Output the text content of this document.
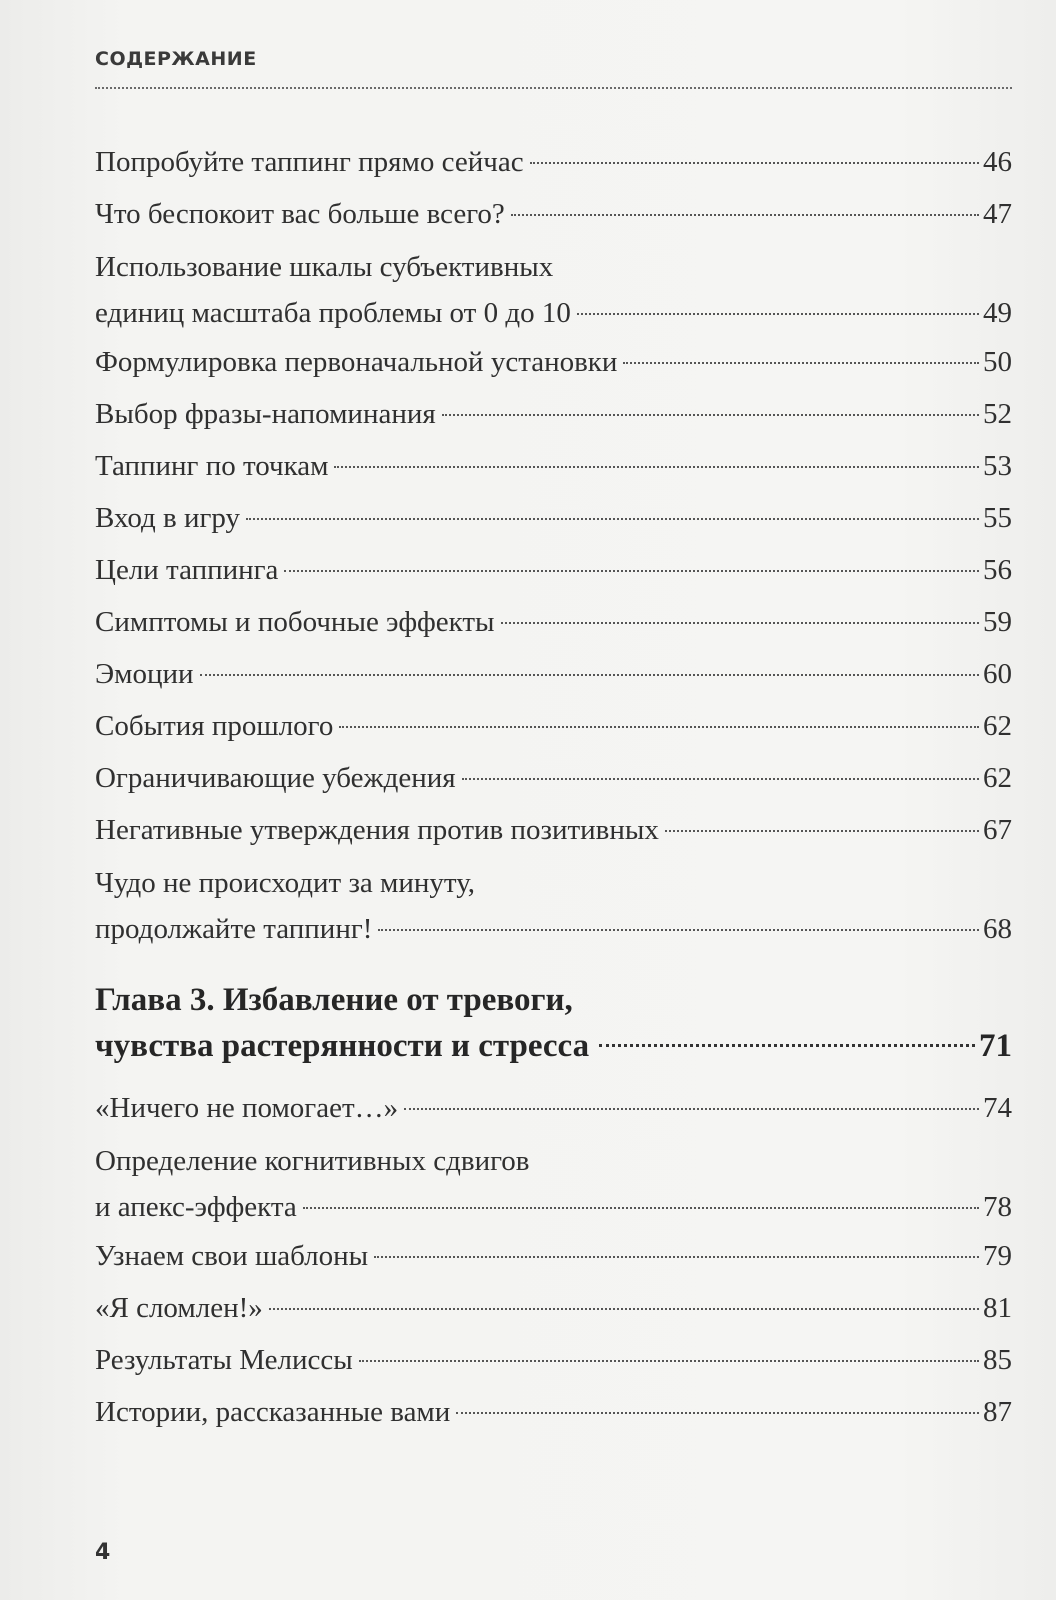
СОДЕРЖАНИЕ
Попробуйте таппинг прямо сейчас	46
Что беспокоит вас больше всего?	47
Использование шкалы субъективных
единиц масштаба проблемы от 0 до 10	49
Формулировка первоначальной установки	50
Выбор фразы-напоминания	52
Таппинг по точкам	53
Вход в игру	55
Цели таппинга	56
Симптомы и побочные эффекты	59
Эмоции	60
События прошлого	62
Ограничивающие убеждения	62
Негативные утверждения против позитивных	67
Чудо не происходит за минуту,
продолжайте таппинг!	68
Глава 3. Избавление от тревоги,
чувства растерянности и стресса	71
«Ничего не помогает…»	74
Определение когнитивных сдвигов
и апекс-эффекта	78
Узнаем свои шаблоны	79
«Я сломлен!»	81
Результаты Мелиссы	85
Истории, рассказанные вами	87
4
